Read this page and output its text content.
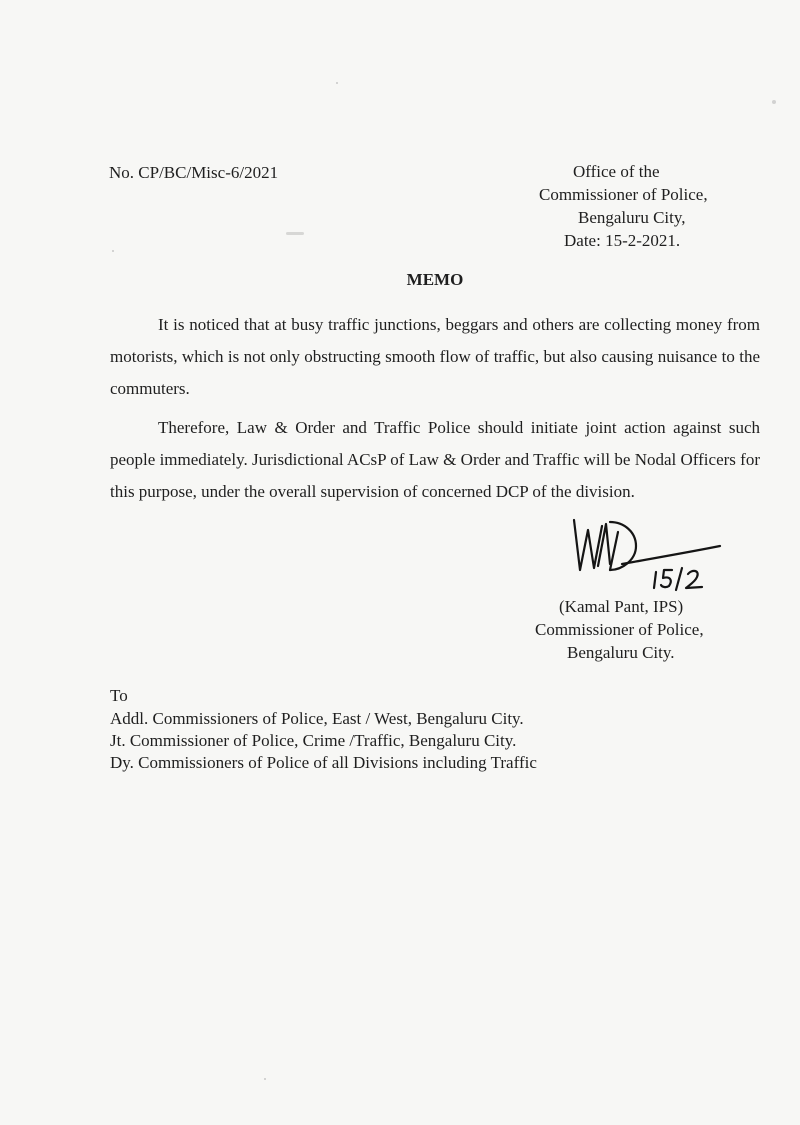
No. CP/BC/Misc-6/2021	Office of the
Commissioner of Police,
Bengaluru City,
Date: 15-2-2021.
MEMO

It is noticed that at busy traffic junctions, beggars and others are collecting money from motorists, which is not only obstructing smooth flow of traffic, but also causing nuisance to the commuters.

Therefore, Law & Order and Traffic Police should initiate joint action against such people immediately. Jurisdictional ACsP of Law & Order and Traffic will be Nodal Officers for this purpose, under the overall supervision of concerned DCP of the division.

(Kamal Pant, IPS)
Commissioner of Police,
Bengaluru City.
To
Addl. Commissioners of Police, East / West, Bengaluru City.
Jt. Commissioner of Police, Crime /Traffic, Bengaluru City.
Dy. Commissioners of Police of all Divisions including Traffic
